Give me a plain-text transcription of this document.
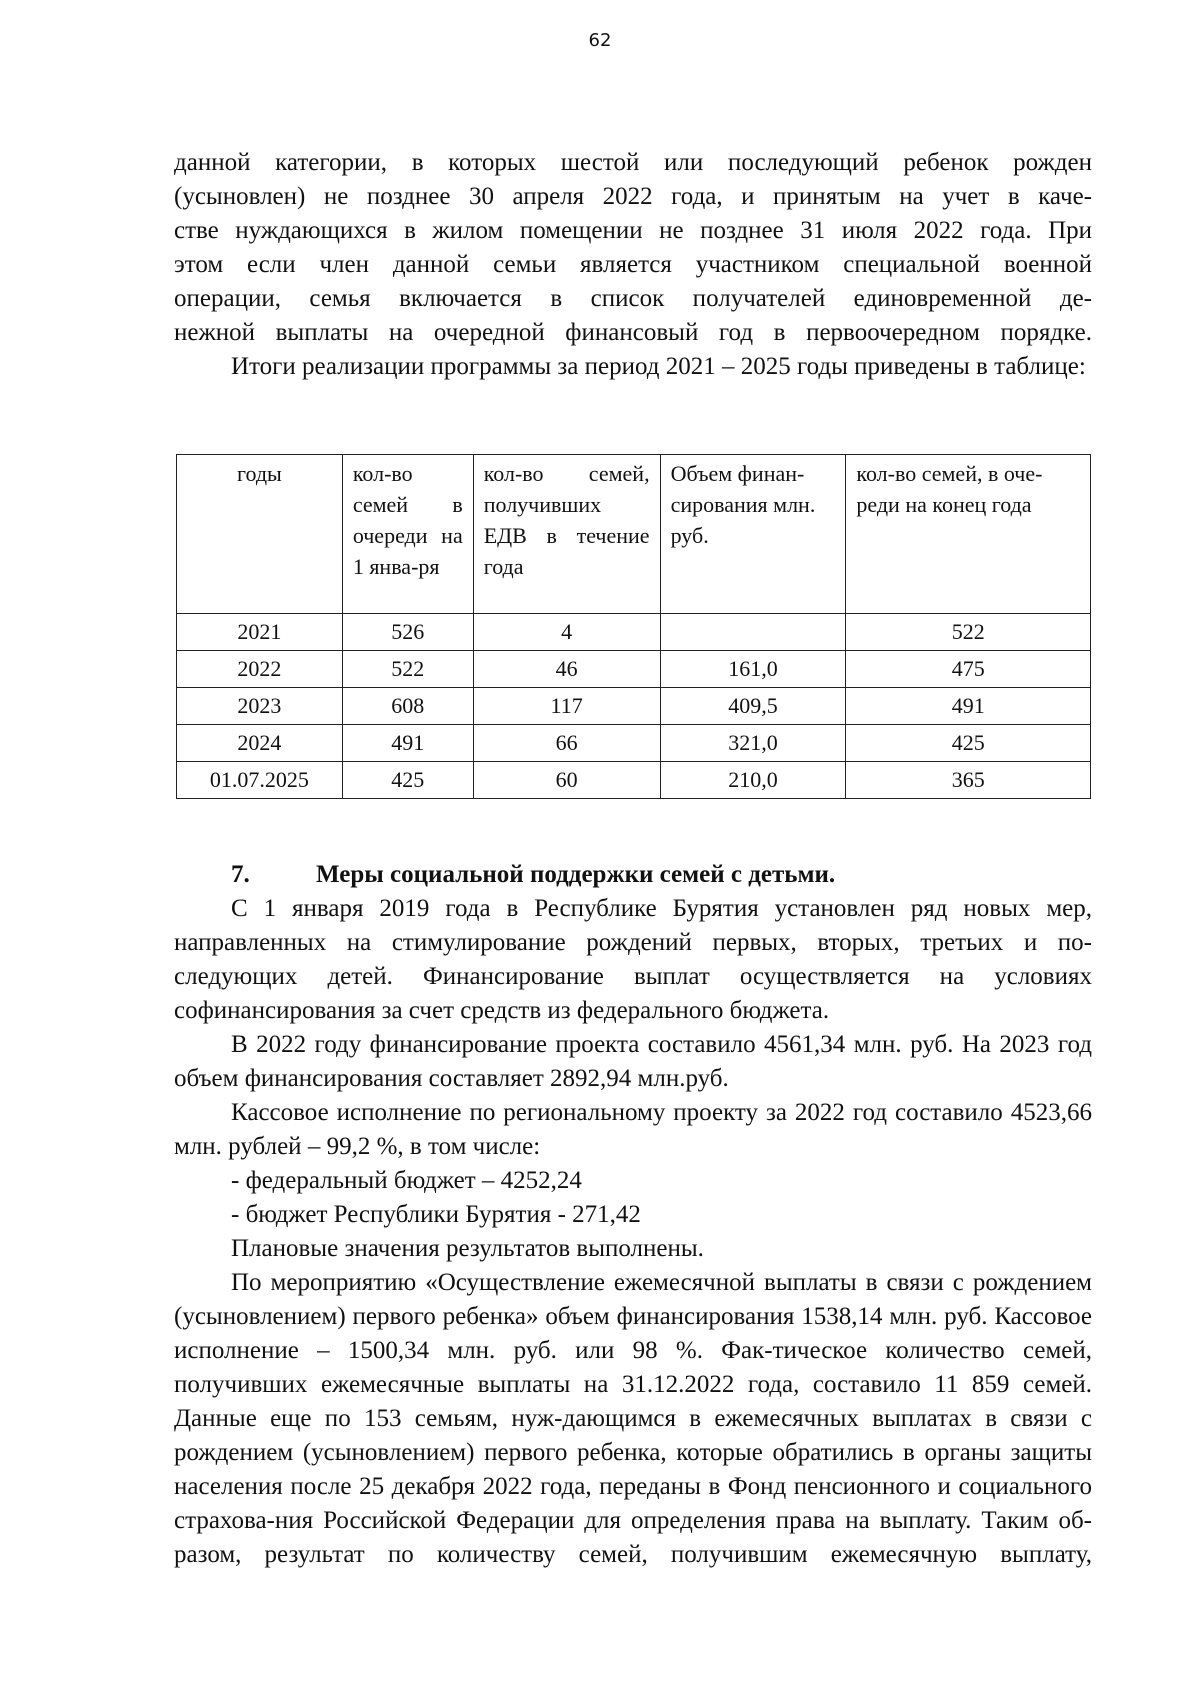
62

данной категории, в которых шестой или последующий ребенок рожден

(усыновлен) не позднее 30 апреля 2022 года, и принятым на учет в каче-

стве нуждающихся в жилом помещении не позднее 31 июля 2022 года. При

этом если член данной семьи является участником специальной военной

операции, семья включается в список получателей единовременной де-

нежной выплаты на очередной финансовый год в первоочередном порядке.

Итоги реализации программы за период 2021 – 2025 годы приведены в таблице:

годы	кол-во семей в очереди на 1 янва-ря	кол-во семей, получивших ЕДВ в течение года	Объем финан-сирования млн. руб.	кол-во семей, в оче-реди на конец года
2021	526	4		522
2022	522	46	161,0	475
2023	608	117	409,5	491
2024	491	66	321,0	425
01.07.2025	425	60	210,0	365
7.	Меры социальной поддержки семей с детьми.

С 1 января 2019 года в Республике Бурятия установлен ряд новых мер, направленных на стимулирование рождений первых, вторых, третьих и по-следующих детей. Финансирование выплат осуществляется на условиях софинансирования за счет средств из федерального бюджета.

В 2022 году финансирование проекта составило 4561,34 млн. руб. На 2023 год объем финансирования составляет 2892,94 млн.руб.

Кассовое исполнение по региональному проекту за 2022 год составило 4523,66 млн. рублей – 99,2 %, в том числе:

- федеральный бюджет – 4252,24

- бюджет Республики Бурятия - 271,42

Плановые значения результатов выполнены.

По мероприятию «Осуществление ежемесячной выплаты в связи с рождением (усыновлением) первого ребенка» объем финансирования 1538,14 млн. руб. Кассовое исполнение – 1500,34 млн. руб. или 98 %. Фак-тическое количество семей, получивших ежемесячные выплаты на 31.12.2022 года, составило 11 859 семей. Данные еще по 153 семьям, нуж-дающимся в ежемесячных выплатах в связи с рождением (усыновлением) первого ребенка, которые обратились в органы защиты населения после 25 декабря 2022 года, переданы в Фонд пенсионного и социального страхова-ния Российской Федерации для определения права на выплату. Таким об-разом, результат по количеству семей, получившим ежемесячную выплату,
